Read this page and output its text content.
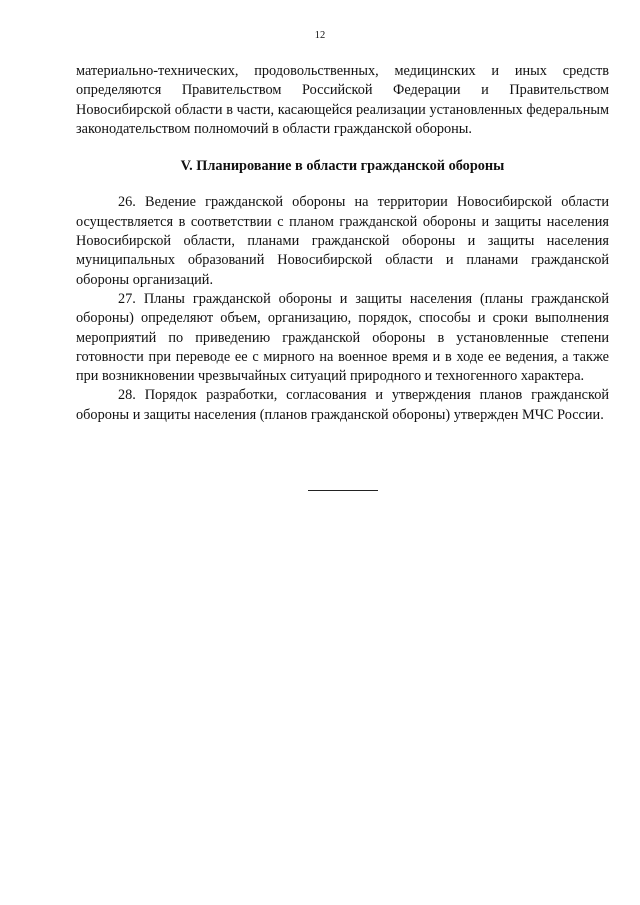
12

материально-технических, продовольственных, медицинских и иных средств определяются Правительством Российской Федерации и Правительством Новосибирской области в части, касающейся реализации установленных федеральным законодательством полномочий в области гражданской обороны.

V. Планирование в области гражданской обороны

26. Ведение гражданской обороны на территории Новосибирской области осуществляется в соответствии с планом гражданской обороны и защиты населения Новосибирской области, планами гражданской обороны и защиты населения муниципальных образований Новосибирской области и планами гражданской обороны организаций.

27. Планы гражданской обороны и защиты населения (планы гражданской обороны) определяют объем, организацию, порядок, способы и сроки выполнения мероприятий по приведению гражданской обороны в установленные степени готовности при переводе ее с мирного на военное время и в ходе ее ведения, а также при возникновении чрезвычайных ситуаций природного и техногенного характера.

28. Порядок разработки, согласования и утверждения планов гражданской обороны и защиты населения (планов гражданской обороны) утвержден МЧС России.
